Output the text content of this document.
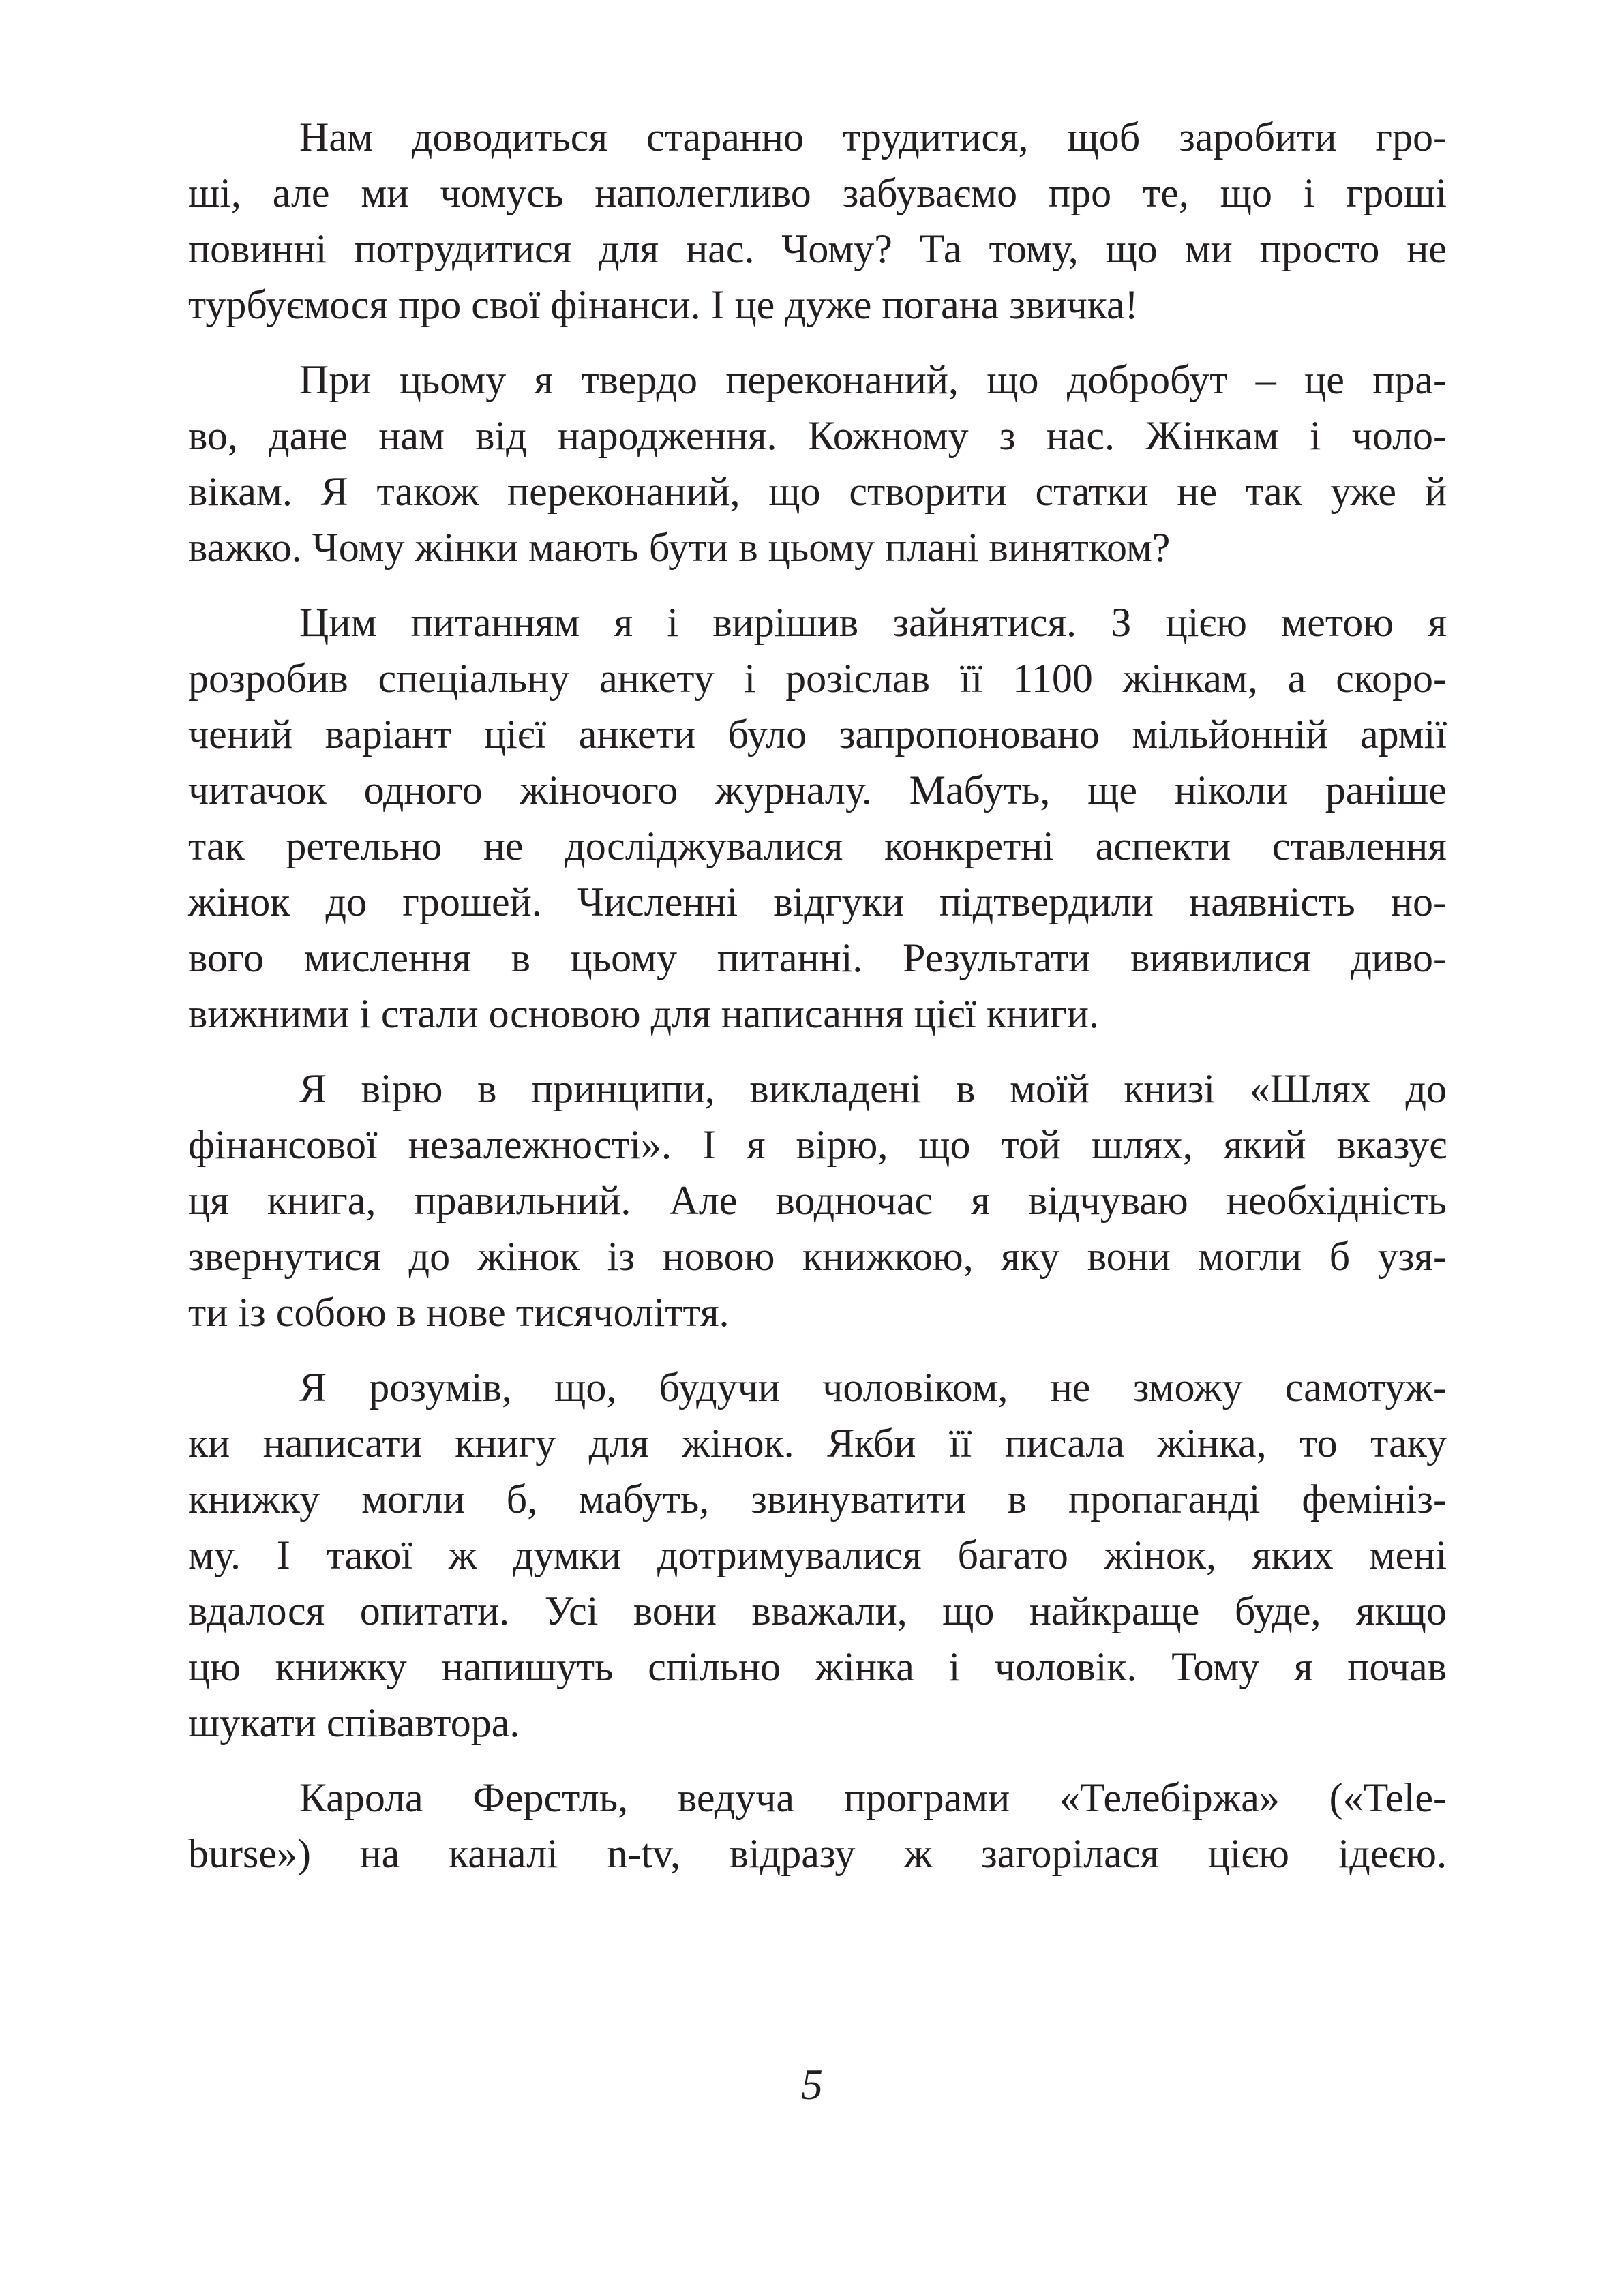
Нам доводиться старанно трудитися, щоб заробити гро-
ші, але ми чомусь наполегливо забуваємо про те, що і гроші
повинні потрудитися для нас. Чому? Та тому, що ми просто не
турбуємося про свої фінанси. І це дуже погана звичка!
При цьому я твердо переконаний, що добробут – це пра-
во, дане нам від народження. Кожному з нас. Жінкам і чоло-
вікам. Я також переконаний, що створити статки не так уже й
важко. Чому жінки мають бути в цьому плані винятком?
Цим питанням я і вирішив зайнятися. З цією метою я
розробив спеціальну анкету і розіслав її 1100 жінкам, а скоро-
чений варіант цієї анкети було запропоновано мільйонній армії
читачок одного жіночого журналу. Мабуть, ще ніколи раніше
так ретельно не досліджувалися конкретні аспекти ставлення
жінок до грошей. Численні відгуки підтвердили наявність но-
вого мислення в цьому питанні. Результати виявилися диво-
вижними і стали основою для написання цієї книги.
Я вірю в принципи, викладені в моїй книзі «Шлях до
фінансової незалежності». І я вірю, що той шлях, який вказує
ця книга, правильний. Але водночас я відчуваю необхідність
звернутися до жінок із новою книжкою, яку вони могли б узя-
ти із собою в нове тисячоліття.
Я розумів, що, будучи чоловіком, не зможу самотуж-
ки написати книгу для жінок. Якби її писала жінка, то таку
книжку могли б, мабуть, звинуватити в пропаганді фемініз-
му. І такої ж думки дотримувалися багато жінок, яких мені
вдалося опитати. Усі вони вважали, що найкраще буде, якщо
цю книжку напишуть спільно жінка і чоловік. Тому я почав
шукати співавтора.
Карола Ферстль, ведуча програми «Телебіржа» («Tele-
burse») на каналі n-tv, відразу ж загорілася цією ідеєю.
5
